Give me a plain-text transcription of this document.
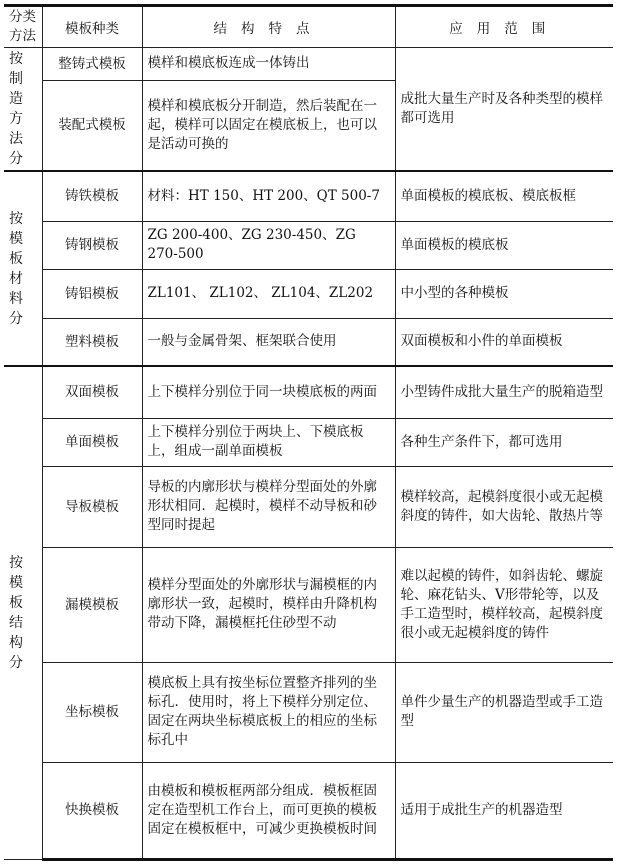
分类方法	模板种类	结构特点	应用范围
按制造方法分	整铸式模板	模样和模底板连成一体铸出	成批大量生产时及各种类型的模样都可选用
	装配式模板	模样和模底板分开制造，然后装配在一起，模样可以固定在模底板上，也可以是活动可换的	
按模板材料分	铸铁模板	材料：HT 150、HT 200、QT 500-7	单面模板的模底板、模底板框
	铸钢模板	ZG 200-400、ZG 230-450、ZG 270-500	单面模板的模底板
	铸铝模板	ZL101、 ZL102、 ZL104、ZL202	中小型的各种模板
	塑料模板	一般与金属骨架、框架联合使用	双面模板和小件的单面模板
按模板结构分	双面模板	上下模样分别位于同一块模底板的两面	小型铸件成批大量生产的脱箱造型
	单面模板	上下模样分别位于两块上、下模底板上，组成一副单面模板	各种生产条件下，都可选用
	导板模板	导板的内廓形状与模样分型面处的外廓形状相同．起模时，模样不动导板和砂型同时提起	模样较高，起模斜度很小或无起模斜度的铸件，如大齿轮、散热片等
	漏模模板	模样分型面处的外廓形状与漏模框的内廓形状一致，起模时，模样由升降机构带动下降，漏模框托住砂型不动	难以起模的铸件，如斜齿轮、螺旋轮、麻花钻头、V形带轮等，以及手工造型时，模样较高，起模斜度很小或无起模斜度的铸件
	坐标模板	模底板上具有按坐标位置整齐排列的坐标孔．使用时，将上下模样分别定位、固定在两块坐标模底板上的相应的坐标标孔中	单件少量生产的机器造型或手工造型
	快换模板	由模板和模板框两部分组成．模板框固定在造型机工作台上，而可更换的模板固定在模板框中，可减少更换模板时间	适用于成批生产的机器造型
